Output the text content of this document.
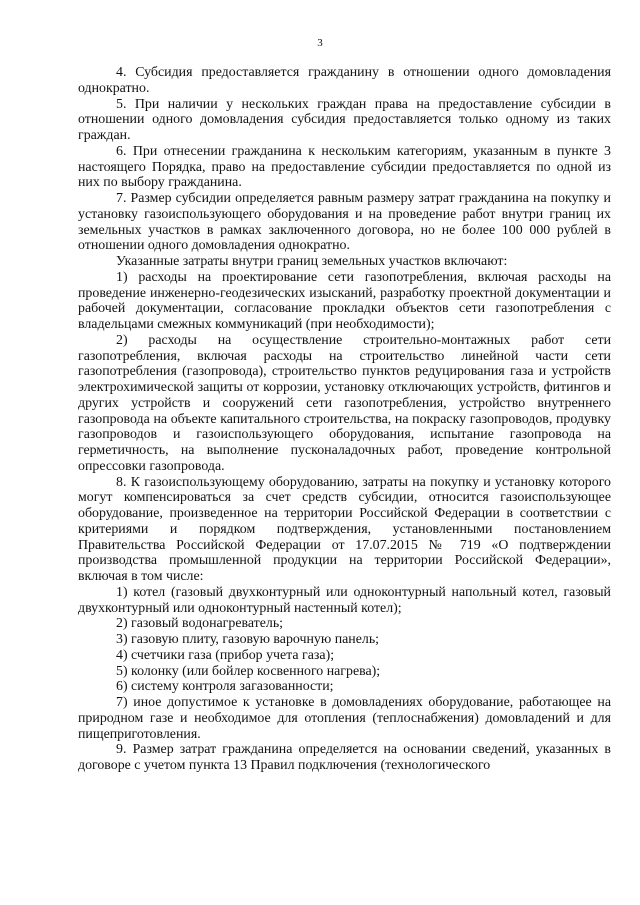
3

4. Субсидия предоставляется гражданину в отношении одного домовладения однократно.

5. При наличии у нескольких граждан права на предоставление субсидии в отношении одного домовладения субсидия предоставляется только одному из таких граждан.

6. При отнесении гражданина к нескольким категориям, указанным в пункте 3 настоящего Порядка, право на предоставление субсидии предоставляется по одной из них по выбору гражданина.

7. Размер субсидии определяется равным размеру затрат гражданина на покупку и установку газоиспользующего оборудования и на проведение работ внутри границ их земельных участков в рамках заключенного договора, но не более 100 000 рублей в отношении одного домовладения однократно.

Указанные затраты внутри границ земельных участков включают:

1) расходы на проектирование сети газопотребления, включая расходы на проведение инженерно-геодезических изысканий, разработку проектной документации и рабочей документации, согласование прокладки объектов сети газопотребления с владельцами смежных коммуникаций (при необходимости);

2) расходы на осуществление строительно-монтажных работ сети газопотребления, включая расходы на строительство линейной части сети газопотребления (газопровода), строительство пунктов редуцирования газа и устройств электрохимической защиты от коррозии, установку отключающих устройств, фитингов и других устройств и сооружений сети газопотребления, устройство внутреннего газопровода на объекте капитального строительства, на покраску газопроводов, продувку газопроводов и газоиспользующего оборудования, испытание газопровода на герметичность, на выполнение пусконаладочных работ, проведение контрольной опрессовки газопровода.

8. К газоиспользующему оборудованию, затраты на покупку и установку которого могут компенсироваться за счет средств субсидии, относится газоиспользующее оборудование, произведенное на территории Российской Федерации в соответствии с критериями и порядком подтверждения, установленными постановлением Правительства Российской Федерации от 17.07.2015 № 719 «О подтверждении производства промышленной продукции на территории Российской Федерации», включая в том числе:

1) котел (газовый двухконтурный или одноконтурный напольный котел, газовый двухконтурный или одноконтурный настенный котел);

2) газовый водонагреватель;

3) газовую плиту, газовую варочную панель;

4) счетчики газа (прибор учета газа);

5) колонку (или бойлер косвенного нагрева);

6) систему контроля загазованности;

7) иное допустимое к установке в домовладениях оборудование, работающее на природном газе и необходимое для отопления (теплоснабжения) домовладений и для пищеприготовления.

9. Размер затрат гражданина определяется на основании сведений, указанных в договоре с учетом пункта 13 Правил подключения (технологического
